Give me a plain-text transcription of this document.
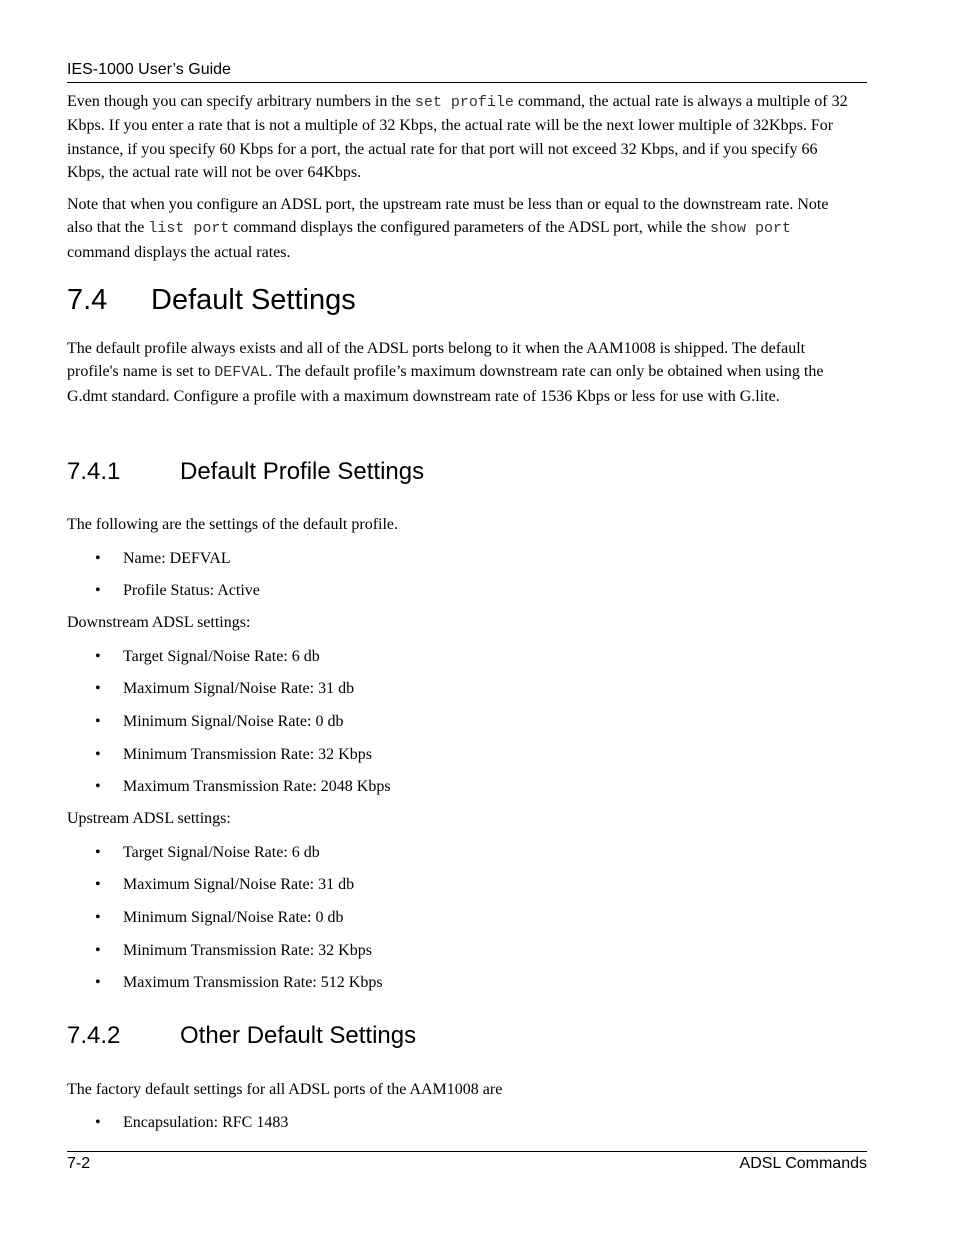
IES-1000 User’s Guide

Even though you can specify arbitrary numbers in the set profile command, the actual rate is always a multiple of 32 Kbps. If you enter a rate that is not a multiple of 32 Kbps, the actual rate will be the next lower multiple of 32Kbps. For instance, if you specify 60 Kbps for a port, the actual rate for that port will not exceed 32 Kbps, and if you specify 66 Kbps, the actual rate will not be over 64Kbps.

Note that when you configure an ADSL port, the upstream rate must be less than or equal to the downstream rate. Note also that the list port command displays the configured parameters of the ADSL port, while the show port command displays the actual rates.

7.4 Default Settings

The default profile always exists and all of the ADSL ports belong to it when the AAM1008 is shipped. The default profile's name is set to DEFVAL. The default profile’s maximum downstream rate can only be obtained when using the G.dmt standard. Configure a profile with a maximum downstream rate of 1536 Kbps or less for use with G.lite.

7.4.1 Default Profile Settings
The following are the settings of the default profile.
• Name: DEFVAL
• Profile Status: Active
Downstream ADSL settings:
• Target Signal/Noise Rate: 6 db
• Maximum Signal/Noise Rate: 31 db
• Minimum Signal/Noise Rate: 0 db
• Minimum Transmission Rate: 32 Kbps
• Maximum Transmission Rate: 2048 Kbps
Upstream ADSL settings:
• Target Signal/Noise Rate: 6 db
• Maximum Signal/Noise Rate: 31 db
• Minimum Signal/Noise Rate: 0 db
• Minimum Transmission Rate: 32 Kbps
• Maximum Transmission Rate: 512 Kbps
7.4.2 Other Default Settings
The factory default settings for all ADSL ports of the AAM1008 are
• Encapsulation: RFC 1483
7-2	ADSL Commands
